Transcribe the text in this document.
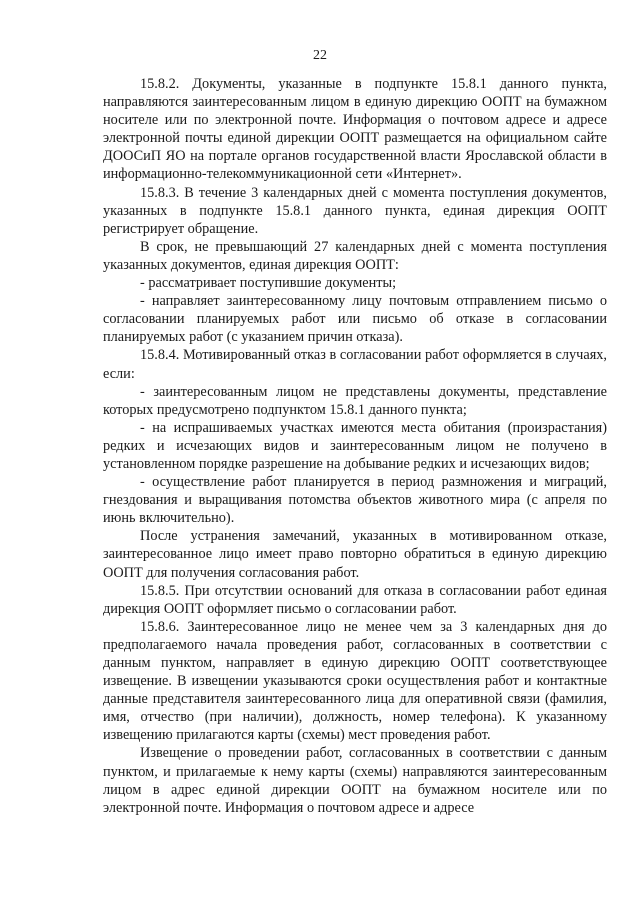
22

15.8.2. Документы, указанные в подпункте 15.8.1 данного пункта, направляются заинтересованным лицом в единую дирекцию ООПТ на бумажном носителе или по электронной почте. Информация о почтовом адресе и адресе электронной почты единой дирекции ООПТ размещается на официальном сайте ДООСиП ЯО на портале органов государственной власти Ярославской области в информационно-телекоммуникационной сети «Интернет».

15.8.3. В течение 3 календарных дней с момента поступления документов, указанных в подпункте 15.8.1 данного пункта, единая дирекция ООПТ регистрирует обращение.

В срок, не превышающий 27 календарных дней с момента поступления указанных документов, единая дирекция ООПТ:

- рассматривает поступившие документы;

- направляет заинтересованному лицу почтовым отправлением письмо о согласовании планируемых работ или письмо об отказе в согласовании планируемых работ (с указанием причин отказа).

15.8.4. Мотивированный отказ в согласовании работ оформляется в случаях, если:

- заинтересованным лицом не представлены документы, представление которых предусмотрено подпунктом 15.8.1 данного пункта;

- на испрашиваемых участках имеются места обитания (произрастания) редких и исчезающих видов и заинтересованным лицом не получено в установленном порядке разрешение на добывание редких и исчезающих видов;

- осуществление работ планируется в период размножения и миграций, гнездования и выращивания потомства объектов животного мира (с апреля по июнь включительно).

После устранения замечаний, указанных в мотивированном отказе, заинтересованное лицо имеет право повторно обратиться в единую дирекцию ООПТ для получения согласования работ.

15.8.5. При отсутствии оснований для отказа в согласовании работ единая дирекция ООПТ оформляет письмо о согласовании работ.

15.8.6. Заинтересованное лицо не менее чем за 3 календарных дня до предполагаемого начала проведения работ, согласованных в соответствии с данным пунктом, направляет в единую дирекцию ООПТ соответствующее извещение. В извещении указываются сроки осуществления работ и контактные данные представителя заинтересованного лица для оперативной связи (фамилия, имя, отчество (при наличии), должность, номер телефона). К указанному извещению прилагаются карты (схемы) мест проведения работ.

Извещение о проведении работ, согласованных в соответствии с данным пунктом, и прилагаемые к нему карты (схемы) направляются заинтересованным лицом в адрес единой дирекции ООПТ на бумажном носителе или по электронной почте. Информация о почтовом адресе и адресе
